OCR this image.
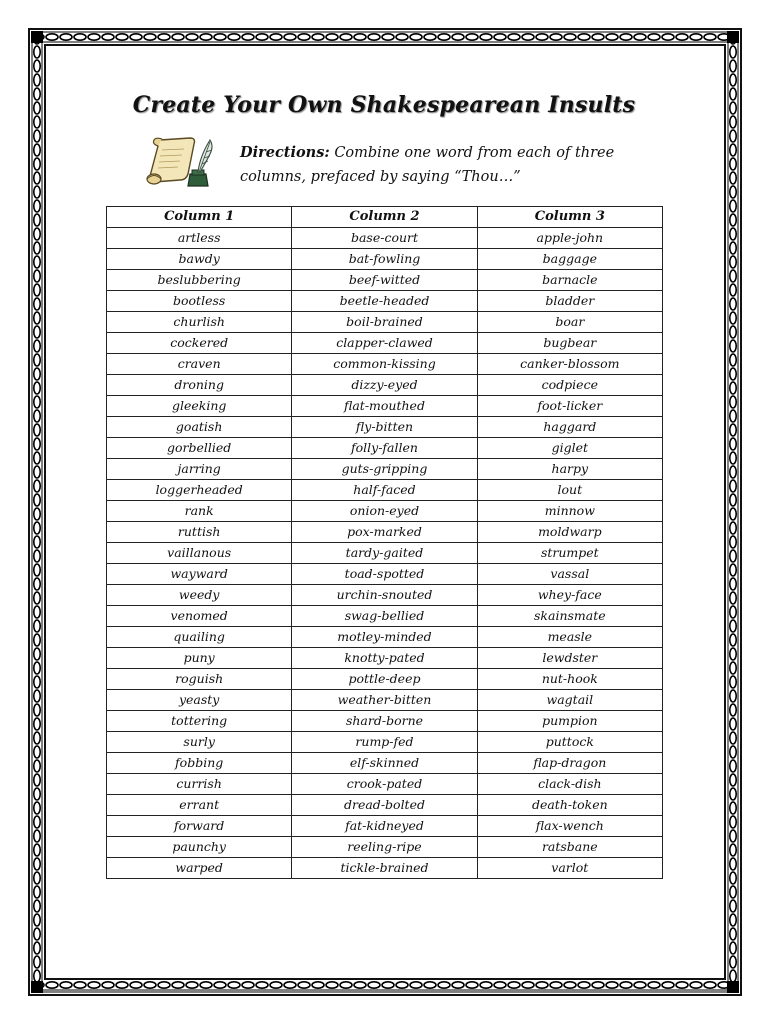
Create Your Own Shakespearean Insults
Directions: Combine one word from each of three columns, prefaced by saying “Thou…”
Column 1	Column 2	Column 3
artless	base-court	apple-john
bawdy	bat-fowling	baggage
beslubbering	beef-witted	barnacle
bootless	beetle-headed	bladder
churlish	boil-brained	boar
cockered	clapper-clawed	bugbear
craven	common-kissing	canker-blossom
droning	dizzy-eyed	codpiece
gleeking	flat-mouthed	foot-licker
goatish	fly-bitten	haggard
gorbellied	folly-fallen	giglet
jarring	guts-gripping	harpy
loggerheaded	half-faced	lout
rank	onion-eyed	minnow
ruttish	pox-marked	moldwarp
vaillanous	tardy-gaited	strumpet
wayward	toad-spotted	vassal
weedy	urchin-snouted	whey-face
venomed	swag-bellied	skainsmate
quailing	motley-minded	measle
puny	knotty-pated	lewdster
roguish	pottle-deep	nut-hook
yeasty	weather-bitten	wagtail
tottering	shard-borne	pumpion
surly	rump-fed	puttock
fobbing	elf-skinned	flap-dragon
currish	crook-pated	clack-dish
errant	dread-bolted	death-token
forward	fat-kidneyed	flax-wench
paunchy	reeling-ripe	ratsbane
warped	tickle-brained	varlot
